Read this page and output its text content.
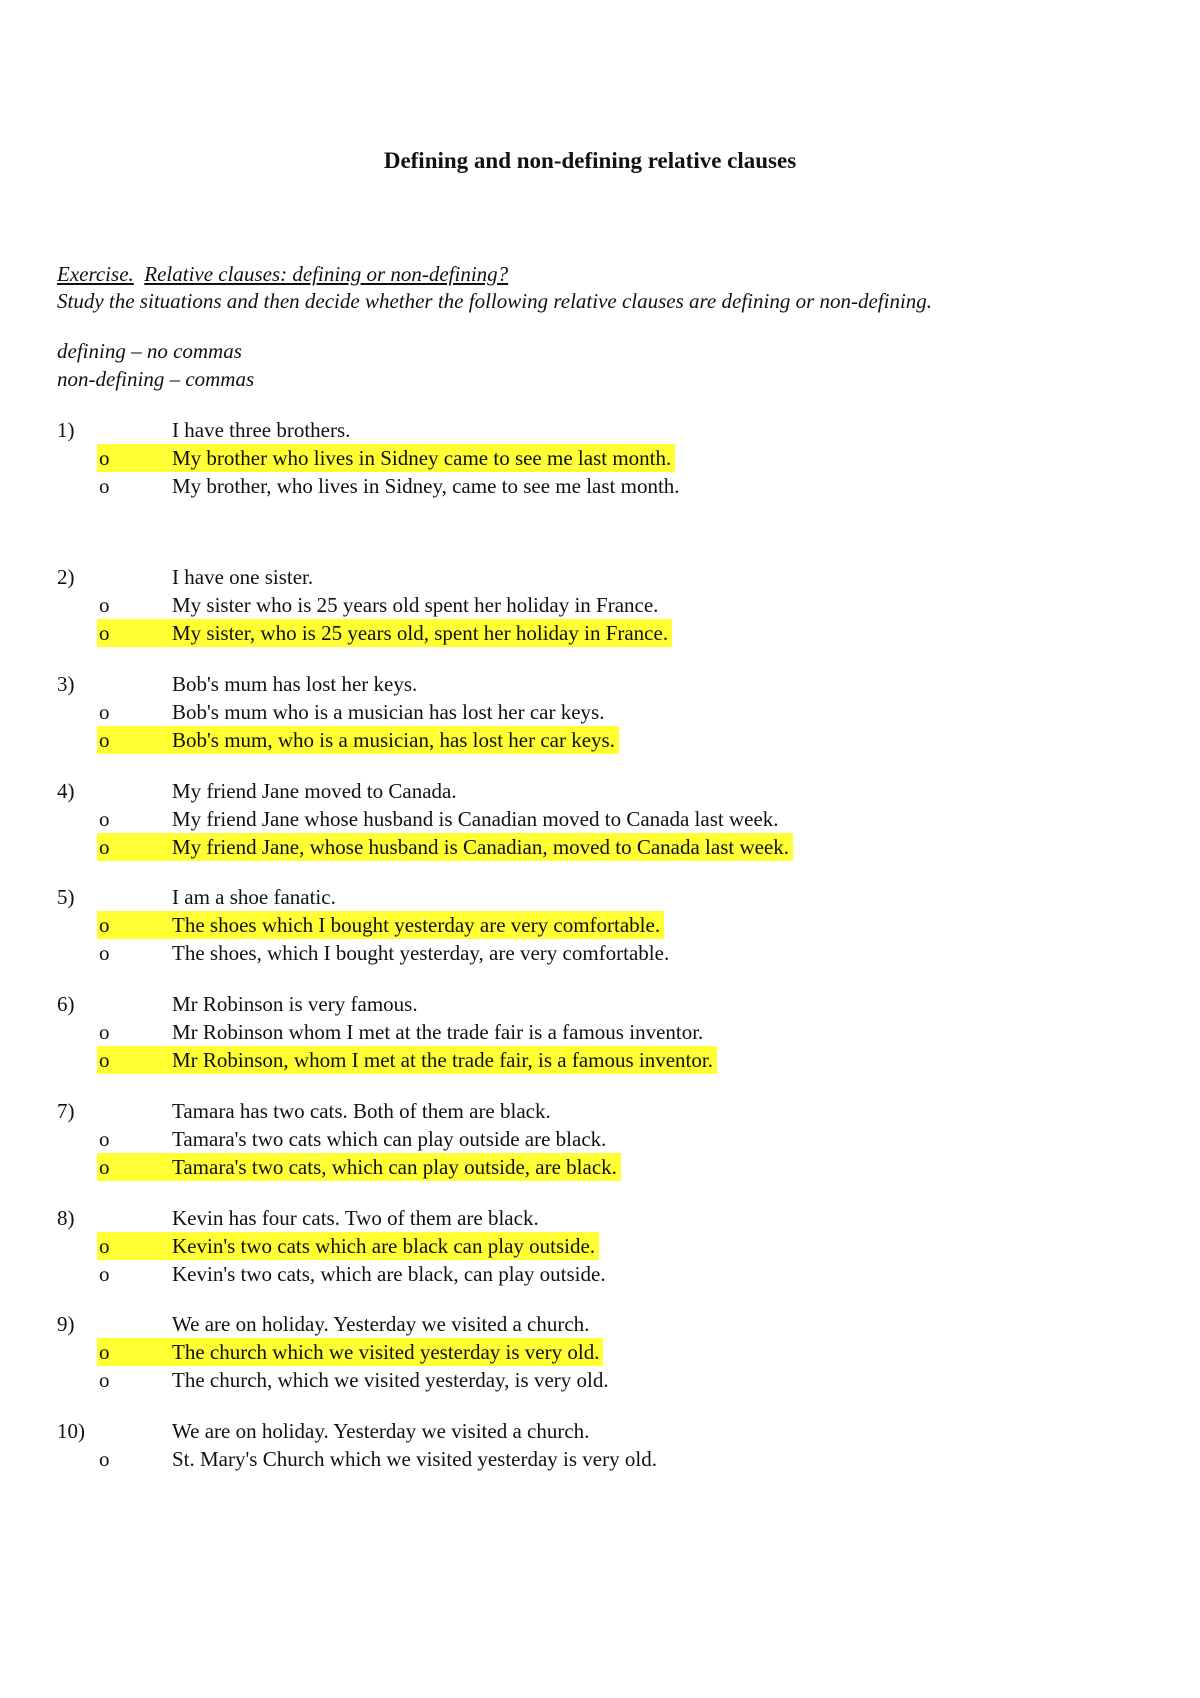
Defining and non-defining relative clauses
Exercise. Relative clauses: defining or non-defining?
Study the situations and then decide whether the following relative clauses are defining or non-defining.
defining – no commas
non-defining – commas
1)	I have three brothers.
o	My brother who lives in Sidney came to see me last month.
o	My brother, who lives in Sidney, came to see me last month.
2)	I have one sister.
o	My sister who is 25 years old spent her holiday in France.
o	My sister, who is 25 years old, spent her holiday in France.
3)	Bob's mum has lost her keys.
o	Bob's mum who is a musician has lost her car keys.
o	Bob's mum, who is a musician, has lost her car keys.
4)	My friend Jane moved to Canada.
o	My friend Jane whose husband is Canadian moved to Canada last week.
o	My friend Jane, whose husband is Canadian, moved to Canada last week.
5)	I am a shoe fanatic.
o	The shoes which I bought yesterday are very comfortable.
o	The shoes, which I bought yesterday, are very comfortable.
6)	Mr Robinson is very famous.
o	Mr Robinson whom I met at the trade fair is a famous inventor.
o	Mr Robinson, whom I met at the trade fair, is a famous inventor.
7)	Tamara has two cats. Both of them are black.
o	Tamara's two cats which can play outside are black.
o	Tamara's two cats, which can play outside, are black.
8)	Kevin has four cats. Two of them are black.
o	Kevin's two cats which are black can play outside.
o	Kevin's two cats, which are black, can play outside.
9)	We are on holiday. Yesterday we visited a church.
o	The church which we visited yesterday is very old.
o	The church, which we visited yesterday, is very old.
10)	We are on holiday. Yesterday we visited a church.
o	St. Mary's Church which we visited yesterday is very old.
